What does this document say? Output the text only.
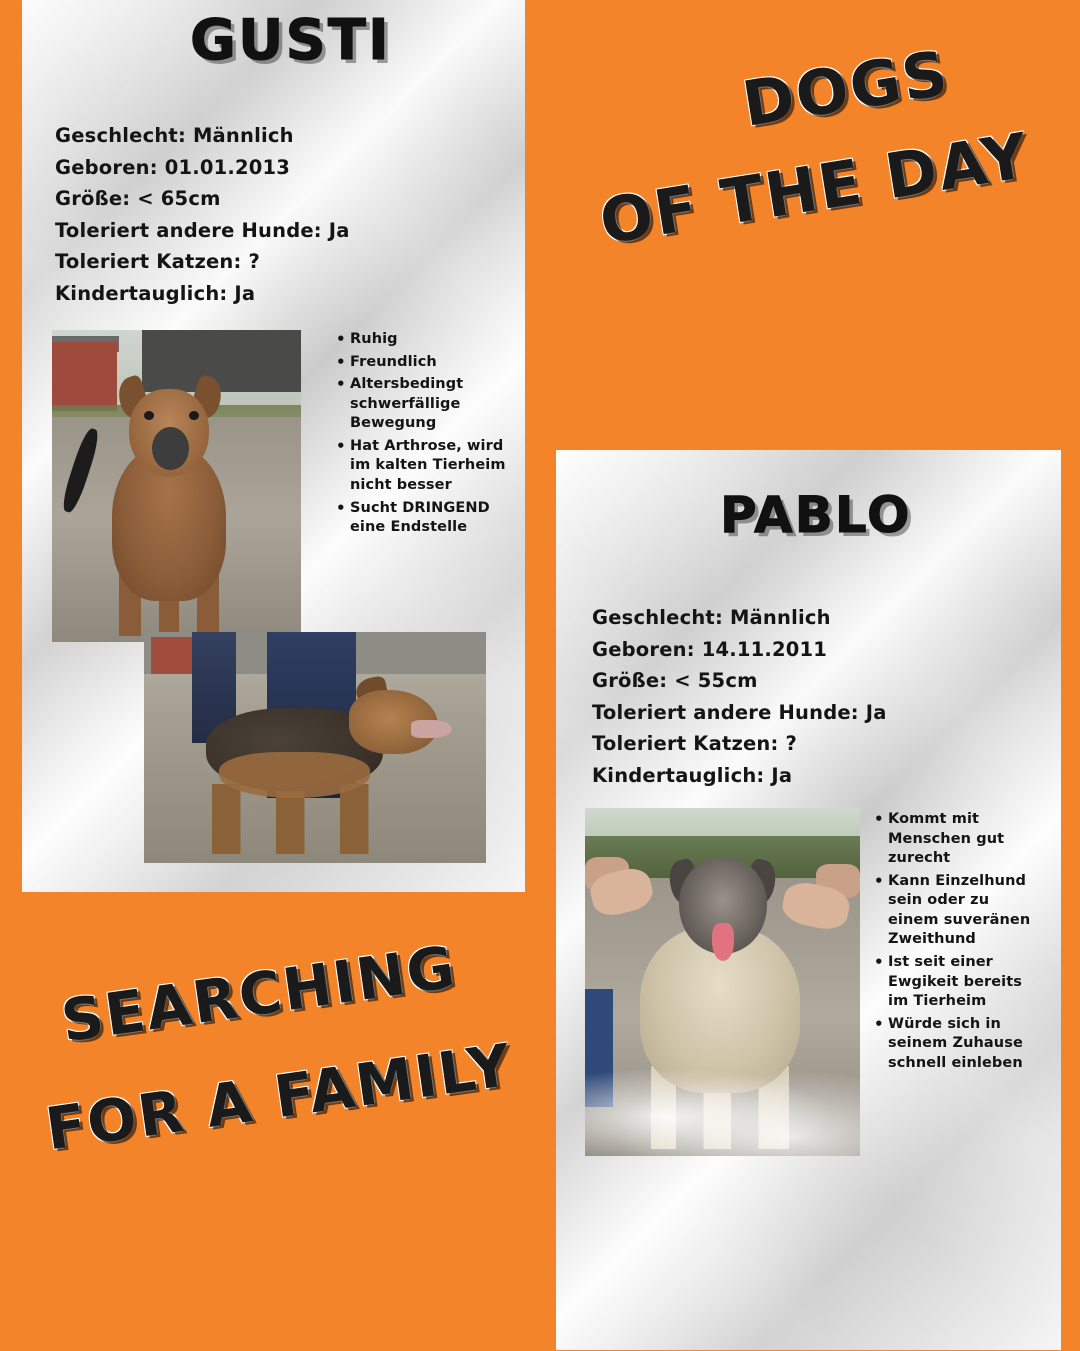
GUSTI
Geschlecht: Männlich
Geboren: 01.01.2013
Größe: < 65cm
Toleriert andere Hunde: Ja
Toleriert Katzen: ?
Kindertauglich: Ja
• Ruhig
• Freundlich
• Altersbedingt schwerfällige Bewegung
• Hat Arthrose, wird im kalten Tierheim nicht besser
• Sucht DRINGEND eine Endstelle
DOGS
OF THE DAY
PABLO
Geschlecht: Männlich
Geboren: 14.11.2011
Größe: < 55cm
Toleriert andere Hunde: Ja
Toleriert Katzen: ?
Kindertauglich: Ja
• Kommt mit Menschen gut zurecht
• Kann Einzelhund sein oder zu einem suveränen Zweithund
• Ist seit einer Ewgikeit bereits im Tierheim
• Würde sich in seinem Zuhause schnell einleben
SEARCHING
FOR A FAMILY
